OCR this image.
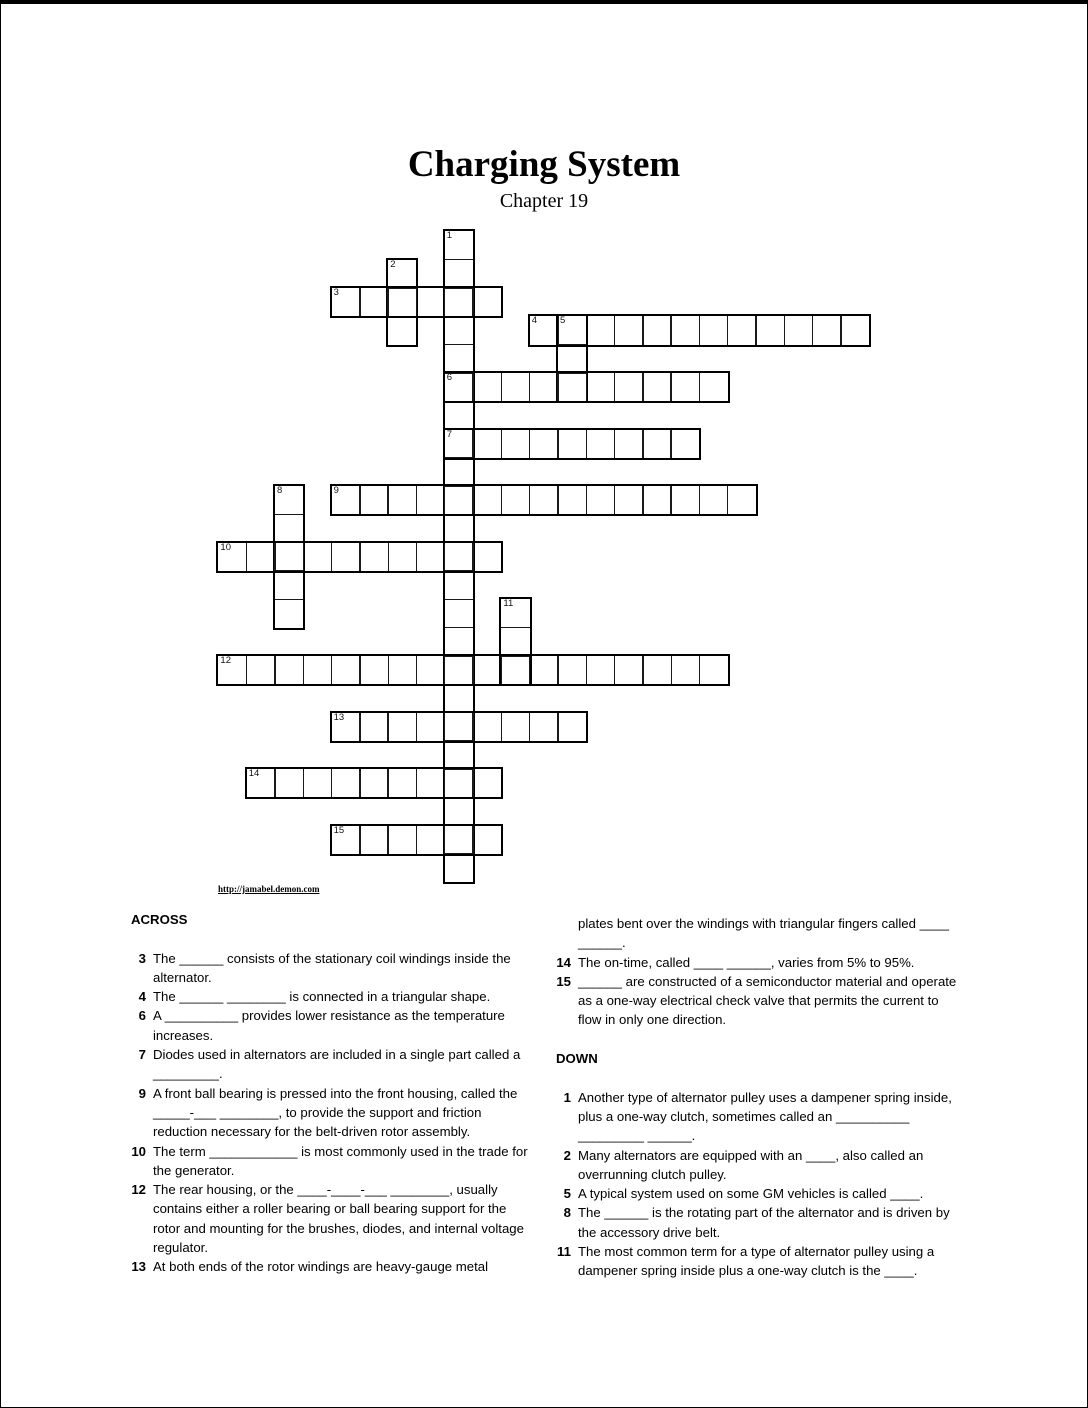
Charging System
Chapter 19
1
2
3
4 5
6
7
8	9
10
11
12
13
14
15
http://jamabel.demon.com
ACROSS
3 The ______ consists of the stationary coil windings inside the alternator.
4 The ______ ________ is connected in a triangular shape.
6 A __________ provides lower resistance as the temperature increases.
7 Diodes used in alternators are included in a single part called a _________.
9 A front ball bearing is pressed into the front housing, called the _____-___ ________, to provide the support and friction reduction necessary for the belt-driven rotor assembly.
10 The term ____________ is most commonly used in the trade for the generator.
12 The rear housing, or the ____-____-___ ________, usually contains either a roller bearing or ball bearing support for the rotor and mounting for the brushes, diodes, and internal voltage regulator.
13 At both ends of the rotor windings are heavy-gauge metal
plates bent over the windings with triangular fingers called ____ ______.
14 The on-time, called ____ ______, varies from 5% to 95%.
15 ______ are constructed of a semiconductor material and operate as a one-way electrical check valve that permits the current to flow in only one direction.
DOWN
1 Another type of alternator pulley uses a dampener spring inside, plus a one-way clutch, sometimes called an __________ _________ ______.
2 Many alternators are equipped with an ____, also called an overrunning clutch pulley.
5 A typical system used on some GM vehicles is called ____.
8 The ______ is the rotating part of the alternator and is driven by the accessory drive belt.
11 The most common term for a type of alternator pulley using a dampener spring inside plus a one-way clutch is the ____.
